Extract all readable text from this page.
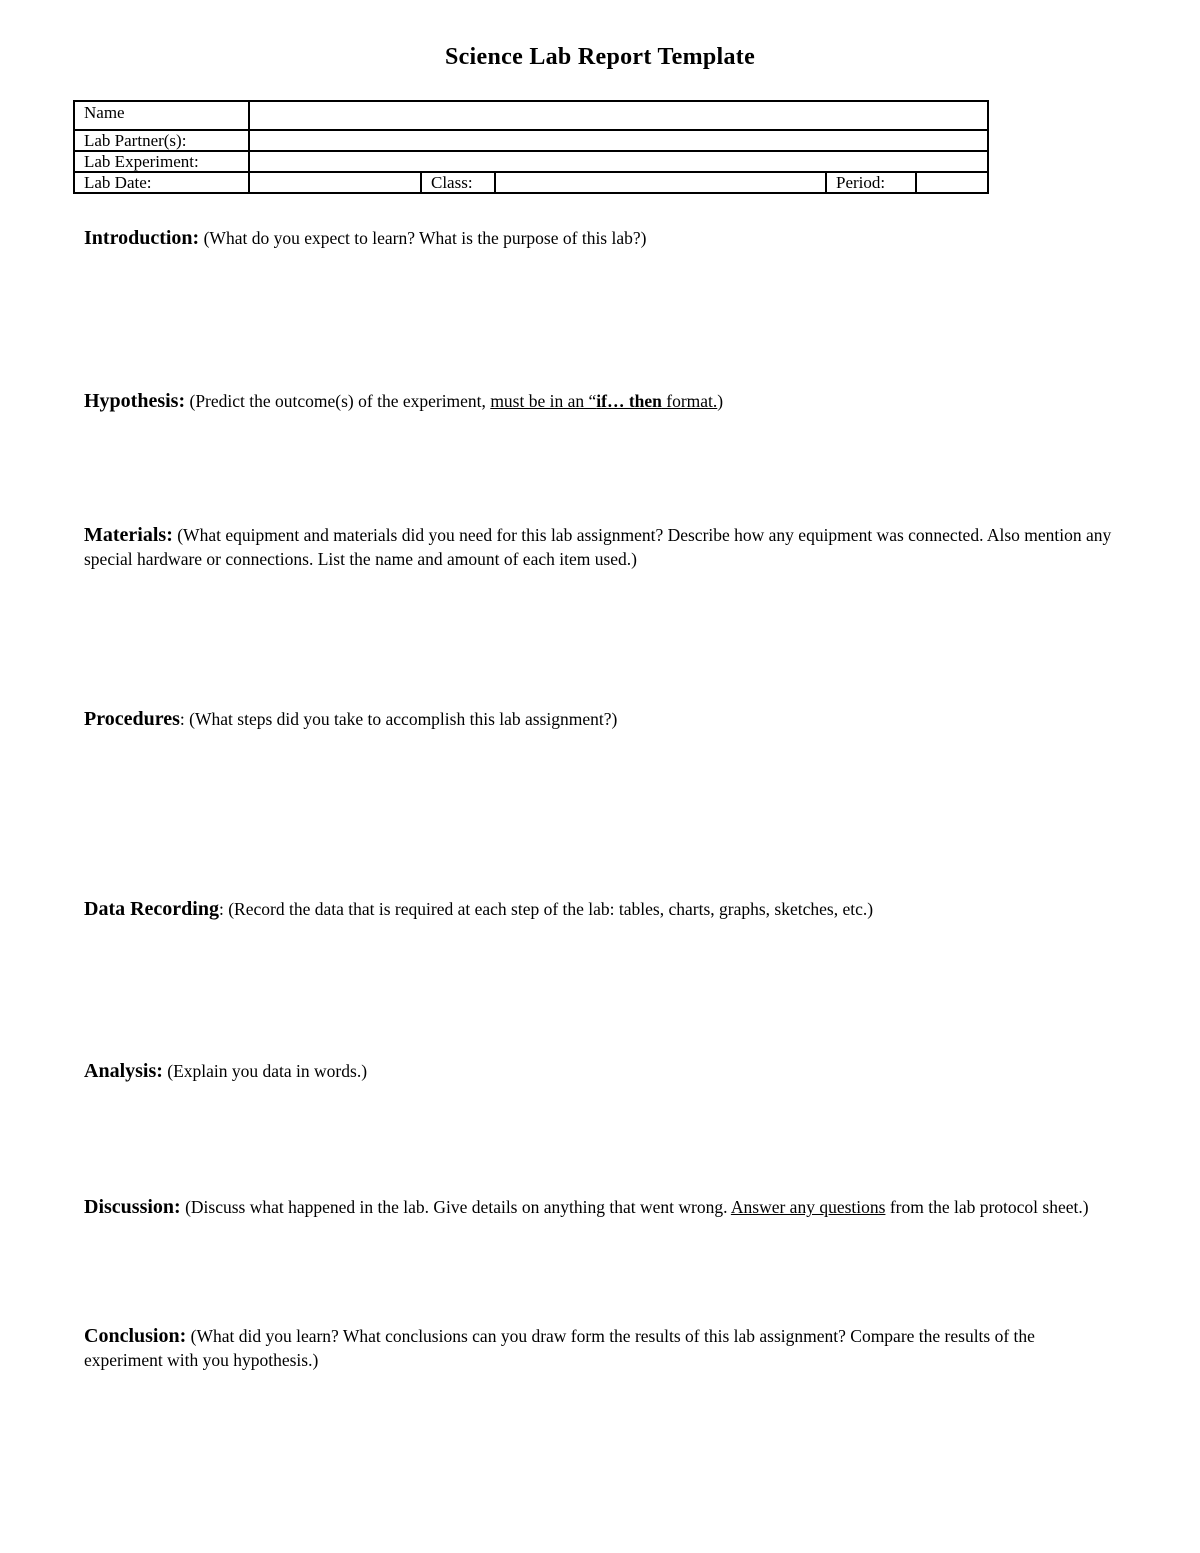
Science Lab Report Template
Name					
Lab Partner(s):					
Lab Experiment:					
Lab Date:		Class:		Period:	
Introduction: (What do you expect to learn? What is the purpose of this lab?)
Hypothesis: (Predict the outcome(s) of the experiment, must be in an “if… then format.)
Materials: (What equipment and materials did you need for this lab assignment? Describe how any equipment was connected. Also mention any special hardware or connections. List the name and amount of each item used.)
Procedures: (What steps did you take to accomplish this lab assignment?)
Data Recording: (Record the data that is required at each step of the lab: tables, charts, graphs, sketches, etc.)
Analysis: (Explain you data in words.)
Discussion: (Discuss what happened in the lab. Give details on anything that went wrong. Answer any questions from the lab protocol sheet.)
Conclusion: (What did you learn? What conclusions can you draw form the results of this lab assignment? Compare the results of the experiment with you hypothesis.)
